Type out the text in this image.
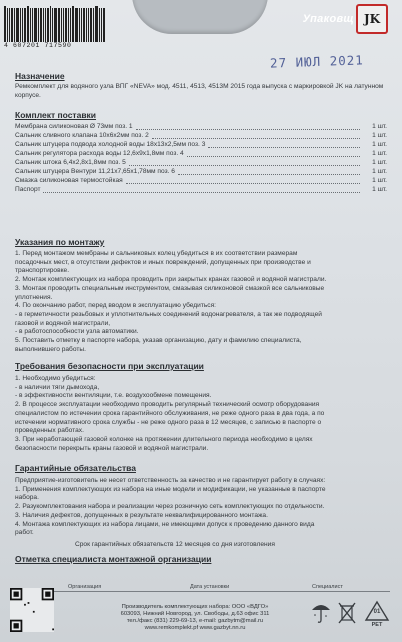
4 607201 717590
Упаковщ JK
27 ИЮЛ 2021
Назначение
Ремкомплект для водяного узла ВПГ «NEVA» мод. 4511, 4513, 4513М 2015 года выпуска с маркировкой JK на латунном корпусе.
Комплект поставки
Мембрана силиконовая Ø 73мм поз. 1	1 шт.
Сальник сливного клапана 10х6х2мм поз. 2	1 шт.
Сальник штуцера подвода холодной воды 18х13х2,5мм поз. 3	1 шт.
Сальник регулятора расхода воды 12,6х9х1,8мм поз. 4	1 шт.
Сальник штока 6,4х2,8х1,8мм поз. 5	1 шт.
Сальник штуцера Вентури 11,21х7,65х1,78мм поз. 6	1 шт.
Смазка силиконовая термостойкая	1 шт.
Паспорт	1 шт.
Указания по монтажу
1. Перед монтажом мембраны и сальниковых колец убедиться в их соответствии размерам
посадочных мест, в отсутствии дефектов и иных повреждений, допущенных при производстве и
транспортировке.
2. Монтаж комплектующих из набора проводить при закрытых кранах газовой и водяной магистрали.
3. Монтаж проводить специальным инструментом, смазывая силиконовой смазкой все сальниковые
уплотнения.
4. По окончанию работ, перед вводом в эксплуатацию убедиться:
- в герметичности резьбовых и уплотнительных соединений водонагревателя, а так же подводящей
газовой и водяной магистрали,
- в работоспособности узла автоматики.
5. Поставить отметку в паспорте набора, указав организацию, дату и фамилию специалиста,
выполнившего работы.
Требования безопасности при эксплуатации
1. Необходимо убедиться:
- в наличии тяги дымохода,
- в эффективности вентиляции, т.е. воздухообмене помещения.
2. В процессе эксплуатации необходимо проводить регулярный технический осмотр оборудования
специалистом по истечении срока гарантийного обслуживания, не реже одного раза в два года, а по
истечении нормативного срока службы - не реже одного раза в 12 месяцев, с записью в паспорте о
проведенных работах.
3. При неработающей газовой колонке на протяжении длительного периода необходимо в целях
безопасности перекрыть краны газовой и водяной магистрали.
Гарантийные обязательства
Предприятие-изготовитель не несет ответственность за качество и не гарантирует работу в случаях:
1. Применения комплектующих из набора на иные модели и модификации, не указанные в паспорте
набора.
2. Разукомплектования набора и реализации через розничную сеть комплектующих по отдельности.
3. Наличия дефектов, допущенных в результате неквалифицированного монтажа.
4. Монтажа комплектующих из набора лицами, не имеющими допуск к проведению данного вида
работ.
Срок гарантийных обязательств 12 месяцев со дня изготовления
Отметка специалиста монтажной организации
Организация	Дата установки	Специалист
Производитель комплектующих набора: ООО «ВДГО»
603093, Нижний Новгород, ул. Свободы, д.63 офис 311
тел./факс (831) 229-69-13, e-mail: gazbytm@mail.ru
www.remkomplekt.pf www.gazbyt.nn.ru
01
PET
